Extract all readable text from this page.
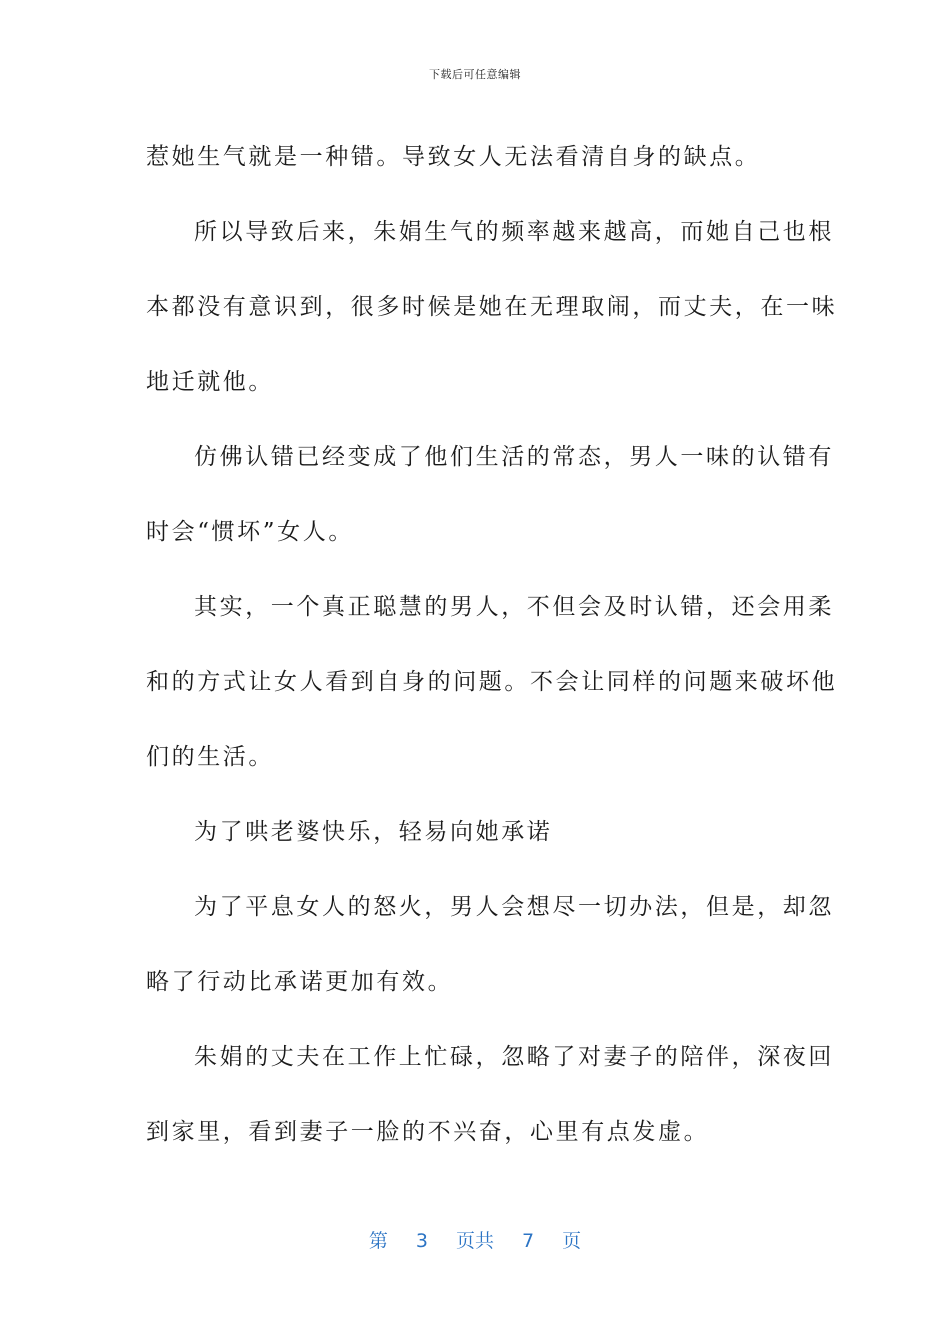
下载后可任意编辑

惹她生气就是一种错。导致女人无法看清自身的缺点。

所以导致后来，朱娟生气的频率越来越高，而她自己也根
本都没有意识到，很多时候是她在无理取闹，而丈夫，在一味
地迁就他。

仿佛认错已经变成了他们生活的常态，男人一味的认错有
时会“惯坏”女人。

其实，一个真正聪慧的男人，不但会及时认错，还会用柔
和的方式让女人看到自身的问题。不会让同样的问题来破坏他
们的生活。

为了哄老婆快乐，轻易向她承诺

为了平息女人的怒火，男人会想尽一切办法，但是，却忽
略了行动比承诺更加有效。

朱娟的丈夫在工作上忙碌，忽略了对妻子的陪伴，深夜回
到家里，看到妻子一脸的不兴奋，心里有点发虚。

第 3 页共 7 页
